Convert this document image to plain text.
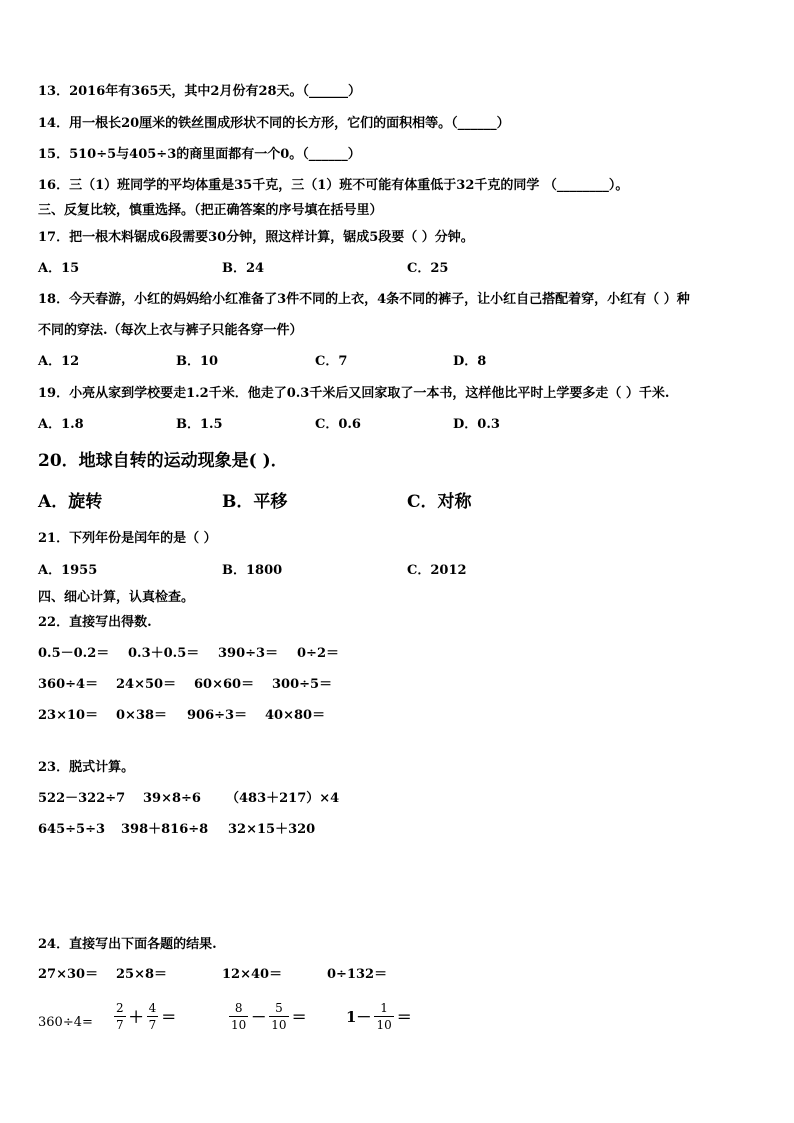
13．2016年有365天，其中2月份有28天。（______）
14．用一根长20厘米的铁丝围成形状不同的长方形，它们的面积相等。（______）
15．510÷5与405÷3的商里面都有一个0。（______）
16．三（1）班同学的平均体重是35千克，三（1）班不可能有体重低于32千克的同学 （________）。
三、反复比较，慎重选择。（把正确答案的序号填在括号里）
17．把一根木料锯成6段需要30分钟，照这样计算，锯成5段要（ ）分钟。
A．15	B．24	C．25
18．今天春游，小红的妈妈给小红准备了3件不同的上衣，4条不同的裤子，让小红自己搭配着穿，小红有（ ）种
不同的穿法.（每次上衣与裤子只能各穿一件）
A．12	B．10	C．7	D．8
19．小亮从家到学校要走1.2千米．他走了0.3千米后又回家取了一本书，这样他比平时上学要多走（ ）千米.
A．1.8	B．1.5	C．0.6	D．0.3
20．地球自转的运动现象是( )．
A．旋转	B．平移	C．对称
21．下列年份是闰年的是（ ）
A．1955	B．1800	C．2012
四、细心计算，认真检查。
22．直接写出得数.
0.5－0.2＝ 0.3＋0.5＝ 390÷3＝ 0÷2＝
360÷4＝ 24×50＝ 60×60＝ 300÷5＝
23×10＝ 0×38＝ 906÷3＝ 40×80＝
23．脱式计算。
522－322÷7 39×8÷6 （483＋217）×4
645÷5÷3 398＋816÷8 32×15＋320
24．直接写出下面各题的结果.
27×30＝ 25×8＝	12×40＝	0÷132＝
360÷4=
2
7 ＋ 4
7 ＝	8
10 － 5
10 ＝	1－ 1
10 ＝
